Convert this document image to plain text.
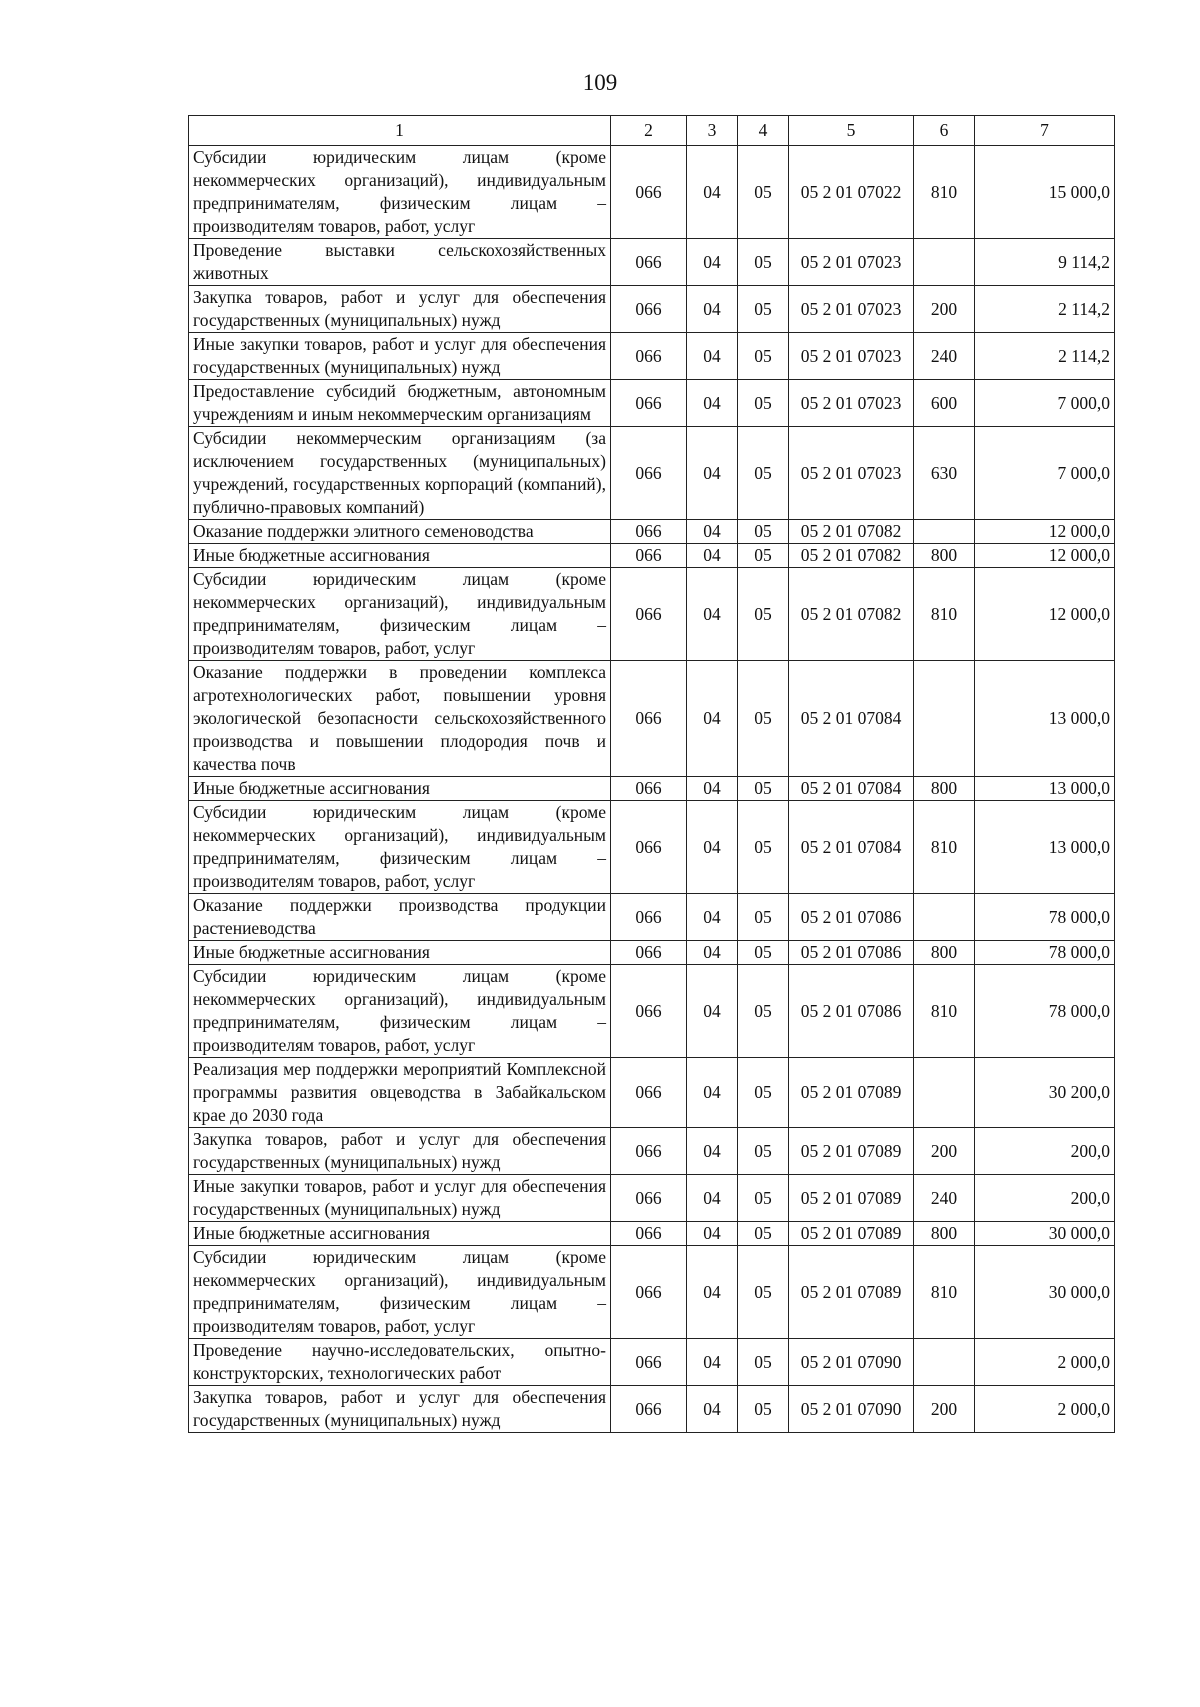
109
1	2	3	4	5	6	7
Субсидии юридическим лицам (кроме некоммерческих организаций), индивидуальным предпринимателям, физическим лицам – производителям товаров, работ, услуг	066	04	05	05 2 01 07022	810	15 000,0
Проведение выставки сельскохозяйственных животных	066	04	05	05 2 01 07023		9 114,2
Закупка товаров, работ и услуг для обеспечения государственных (муниципальных) нужд	066	04	05	05 2 01 07023	200	2 114,2
Иные закупки товаров, работ и услуг для обеспечения государственных (муниципальных) нужд	066	04	05	05 2 01 07023	240	2 114,2
Предоставление субсидий бюджетным, автономным учреждениям и иным некоммерческим организациям	066	04	05	05 2 01 07023	600	7 000,0
Субсидии некоммерческим организациям (за исключением государственных (муниципальных) учреждений, государственных корпораций (компаний), публично-правовых компаний)	066	04	05	05 2 01 07023	630	7 000,0
Оказание поддержки элитного семеноводства	066	04	05	05 2 01 07082		12 000,0
Иные бюджетные ассигнования	066	04	05	05 2 01 07082	800	12 000,0
Субсидии юридическим лицам (кроме некоммерческих организаций), индивидуальным предпринимателям, физическим лицам – производителям товаров, работ, услуг	066	04	05	05 2 01 07082	810	12 000,0
Оказание поддержки в проведении комплекса агротехнологических работ, повышении уровня экологической безопасности сельскохозяйственного производства и повышении плодородия почв и качества почв	066	04	05	05 2 01 07084		13 000,0
Иные бюджетные ассигнования	066	04	05	05 2 01 07084	800	13 000,0
Субсидии юридическим лицам (кроме некоммерческих организаций), индивидуальным предпринимателям, физическим лицам – производителям товаров, работ, услуг	066	04	05	05 2 01 07084	810	13 000,0
Оказание поддержки производства продукции растениеводства	066	04	05	05 2 01 07086		78 000,0
Иные бюджетные ассигнования	066	04	05	05 2 01 07086	800	78 000,0
Субсидии юридическим лицам (кроме некоммерческих организаций), индивидуальным предпринимателям, физическим лицам – производителям товаров, работ, услуг	066	04	05	05 2 01 07086	810	78 000,0
Реализация мер поддержки мероприятий Комплексной программы развития овцеводства в Забайкальском крае до 2030 года	066	04	05	05 2 01 07089		30 200,0
Закупка товаров, работ и услуг для обеспечения государственных (муниципальных) нужд	066	04	05	05 2 01 07089	200	200,0
Иные закупки товаров, работ и услуг для обеспечения государственных (муниципальных) нужд	066	04	05	05 2 01 07089	240	200,0
Иные бюджетные ассигнования	066	04	05	05 2 01 07089	800	30 000,0
Субсидии юридическим лицам (кроме некоммерческих организаций), индивидуальным предпринимателям, физическим лицам – производителям товаров, работ, услуг	066	04	05	05 2 01 07089	810	30 000,0
Проведение научно-исследовательских, опытно-конструкторских, технологических работ	066	04	05	05 2 01 07090		2 000,0
Закупка товаров, работ и услуг для обеспечения государственных (муниципальных) нужд	066	04	05	05 2 01 07090	200	2 000,0
